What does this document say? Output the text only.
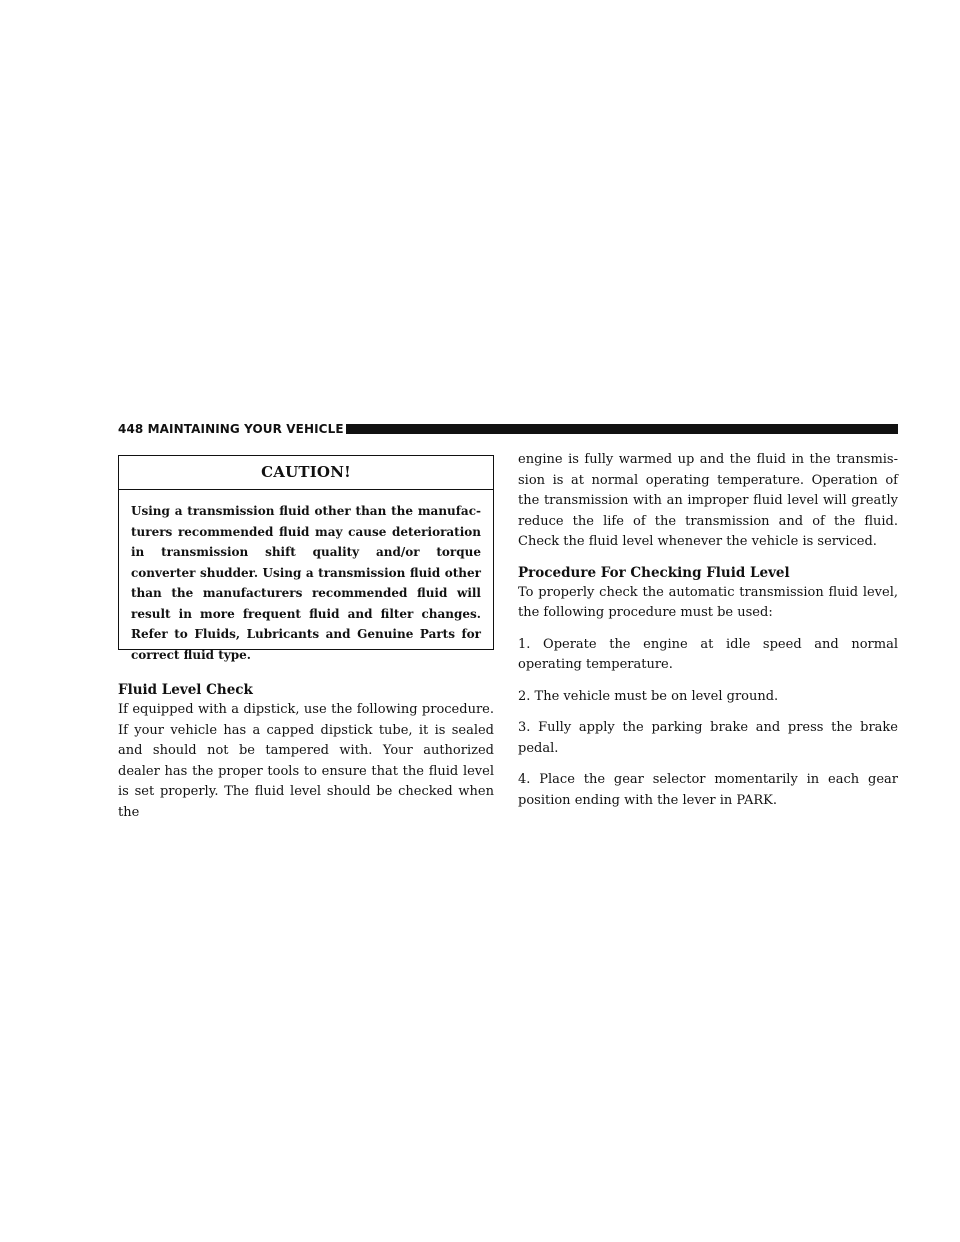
448 MAINTAINING YOUR VEHICLE
CAUTION!
Using a transmission fluid other than the manufac-turers recommended fluid may cause deterioration in transmission shift quality and/or torque converter shudder. Using a transmission fluid other than the manufacturers recommended fluid will result in more frequent fluid and filter changes. Refer to Fluids, Lubricants and Genuine Parts for correct fluid type.

Fluid Level Check

If equipped with a dipstick, use the following procedure. If your vehicle has a capped dipstick tube, it is sealed and should not be tampered with. Your authorized dealer has the proper tools to ensure that the fluid level is set properly. The fluid level should be checked when the

engine is fully warmed up and the fluid in the transmis-sion is at normal operating temperature. Operation of the transmission with an improper fluid level will greatly reduce the life of the transmission and of the fluid. Check the fluid level whenever the vehicle is serviced.

Procedure For Checking Fluid Level

To properly check the automatic transmission fluid level, the following procedure must be used:

1. Operate the engine at idle speed and normal operating temperature.

2. The vehicle must be on level ground.

3. Fully apply the parking brake and press the brake pedal.

4. Place the gear selector momentarily in each gear position ending with the lever in PARK.
